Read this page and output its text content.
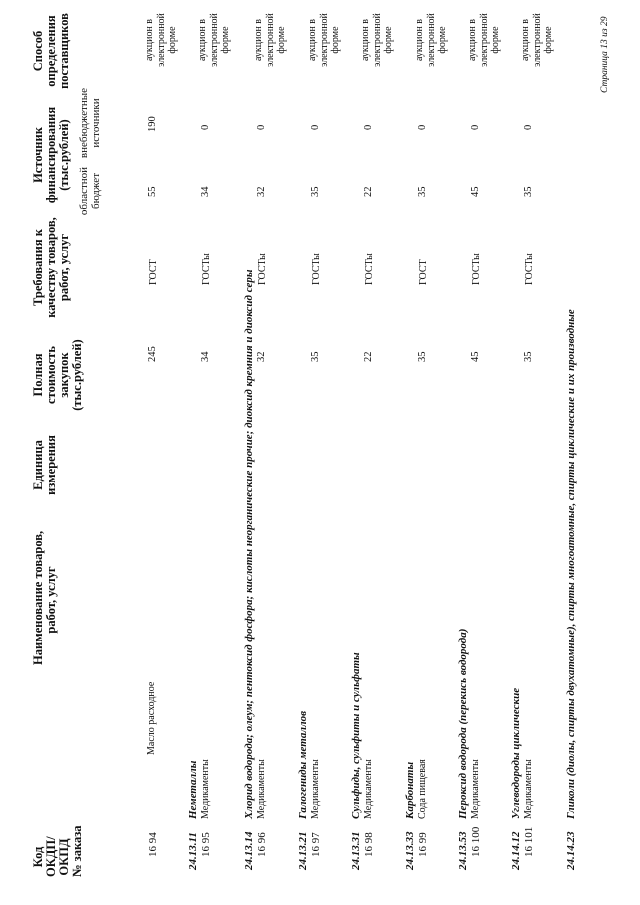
Код ОКДП/ ОКПД № заказа
Наименование товаров, работ, услуг
Единица измерения
Полная стоимость закупок (тыс.рублей)
Требования к качеству товаров, работ, услуг
Источник финансирования (тыс.рублей)
областной бюджет
внебюджетные источники
Способ определения поставщиков
16 94
Масло расходное
245
ГОСТ
55
190
аукцион в электронной форме
24.13.11
Неметаллы
16 95
Медикаменты
34
ГОСТы
34
0
аукцион в электронной форме
24.13.14
Хлорид водорода; олеум; пентоксид фосфора; кислоты неорганические прочие; диоксид кремния и диоксид серы
16 96
Медикаменты
32
ГОСТы
32
0
аукцион в электронной форме
24.13.21
Галогениды металлов
16 97
Медикаменты
35
ГОСТы
35
0
аукцион в электронной форме
24.13.31
Сульфиды, сульфиты и сульфаты
16 98
Медикаменты
22
ГОСТы
22
0
аукцион в электронной форме
24.13.33
Карбонаты
16 99
Сода пищевая
35
ГОСТ
35
0
аукцион в электронной форме
24.13.53
Пероксид водорода (перекись водорода)
16 100
Медикаменты
45
ГОСТы
45
0
аукцион в электронной форме
24.14.12
Углеводороды циклические
16 101
Медикаменты
35
ГОСТы
35
0
аукцион в электронной форме
24.14.23
Гликоли (диолы, спирты двухатомные), спирты многоатомные, спирты циклические и их производные
Страница 13 из 29
